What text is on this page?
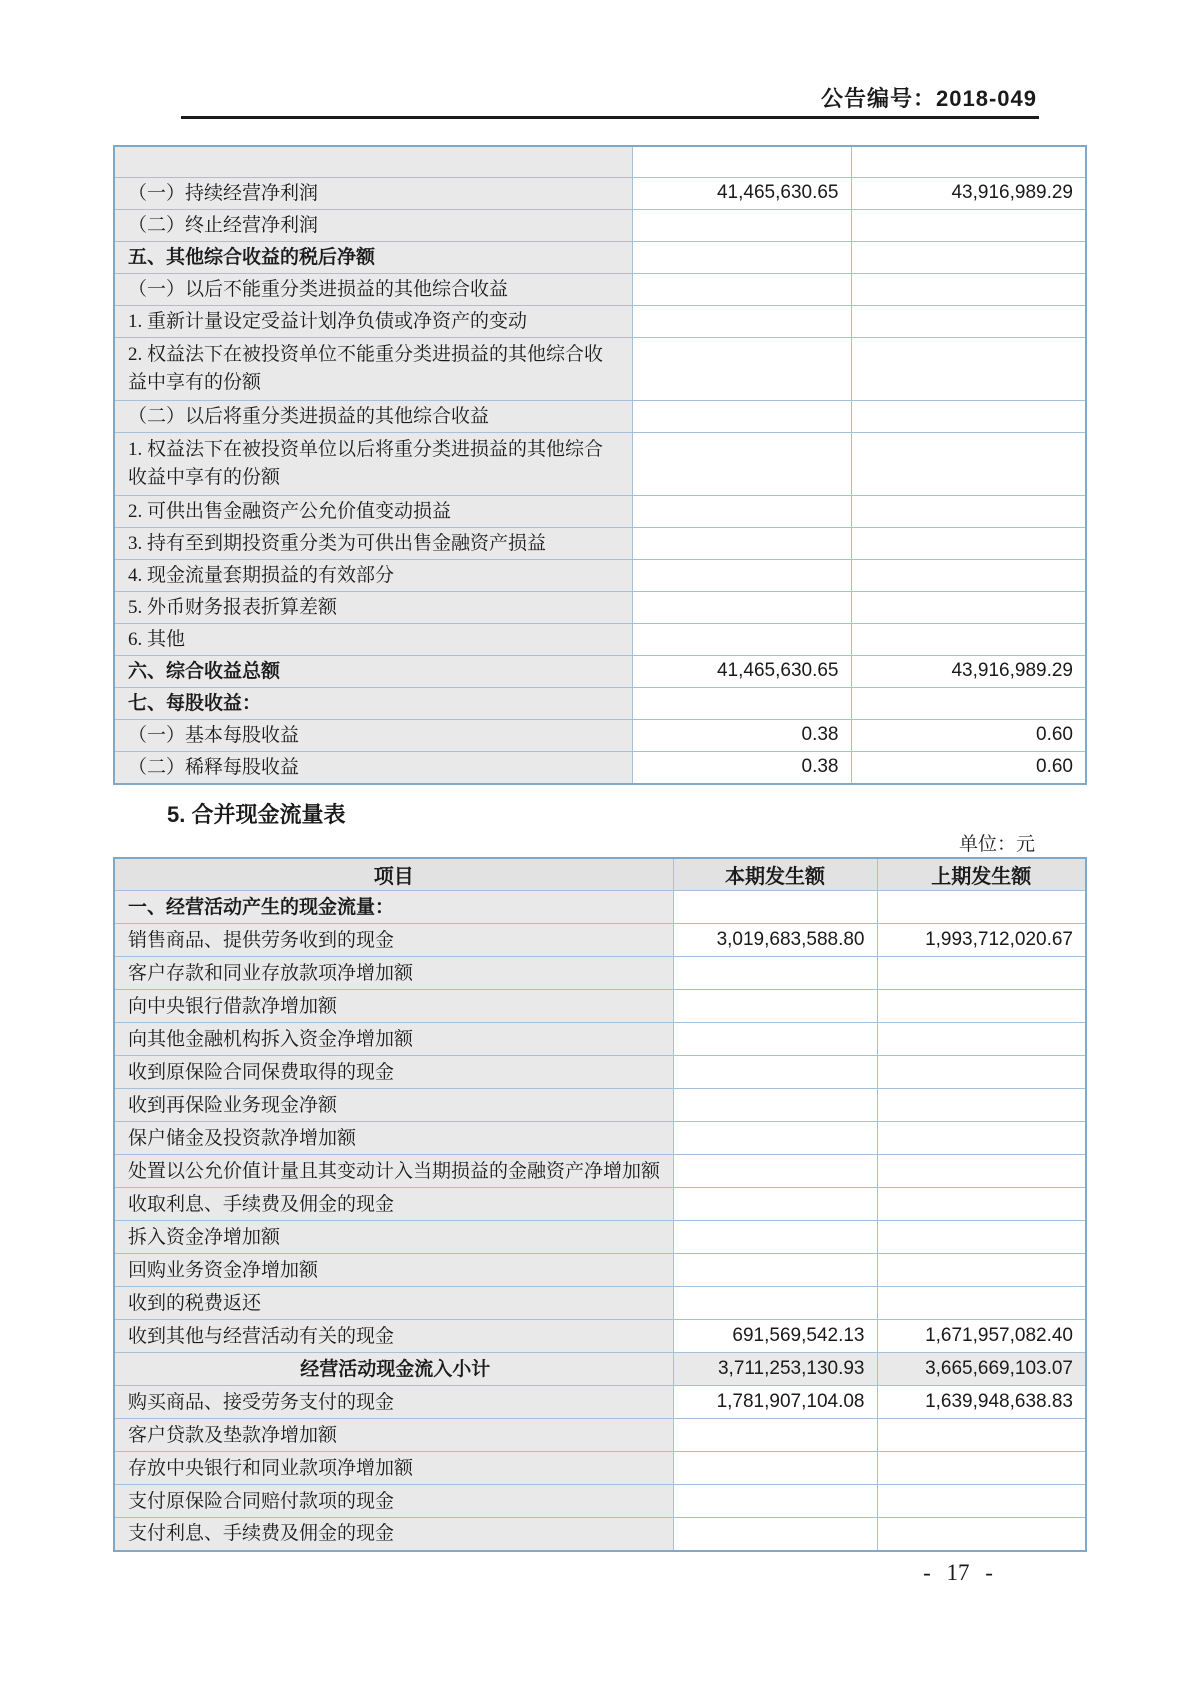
公告编号：2018-049

（一）持续经营净利润	41,465,630.65	43,916,989.29
（二）终止经营净利润		
五、其他综合收益的税后净额		
（一）以后不能重分类进损益的其他综合收益		
1. 重新计量设定受益计划净负债或净资产的变动		
2. 权益法下在被投资单位不能重分类进损益的其他综合收益中享有的份额		
（二）以后将重分类进损益的其他综合收益		
1. 权益法下在被投资单位以后将重分类进损益的其他综合收益中享有的份额		
2. 可供出售金融资产公允价值变动损益		
3. 持有至到期投资重分类为可供出售金融资产损益		
4. 现金流量套期损益的有效部分		
5. 外币财务报表折算差额		
6. 其他		
六、综合收益总额	41,465,630.65	43,916,989.29
七、每股收益：		
（一）基本每股收益	0.38	0.60
（二）稀释每股收益	0.38	0.60
5. 合并现金流量表
单位：元
项目	本期发生额	上期发生额
一、经营活动产生的现金流量：		
销售商品、提供劳务收到的现金	3,019,683,588.80	1,993,712,020.67
客户存款和同业存放款项净增加额		
向中央银行借款净增加额		
向其他金融机构拆入资金净增加额		
收到原保险合同保费取得的现金		
收到再保险业务现金净额		
保户储金及投资款净增加额		
处置以公允价值计量且其变动计入当期损益的金融资产净增加额		
收取利息、手续费及佣金的现金		
拆入资金净增加额		
回购业务资金净增加额		
收到的税费返还		
收到其他与经营活动有关的现金	691,569,542.13	1,671,957,082.40
经营活动现金流入小计	3,711,253,130.93	3,665,669,103.07
购买商品、接受劳务支付的现金	1,781,907,104.08	1,639,948,638.83
客户贷款及垫款净增加额		
存放中央银行和同业款项净增加额		
支付原保险合同赔付款项的现金		
支付利息、手续费及佣金的现金		
- 17 -
